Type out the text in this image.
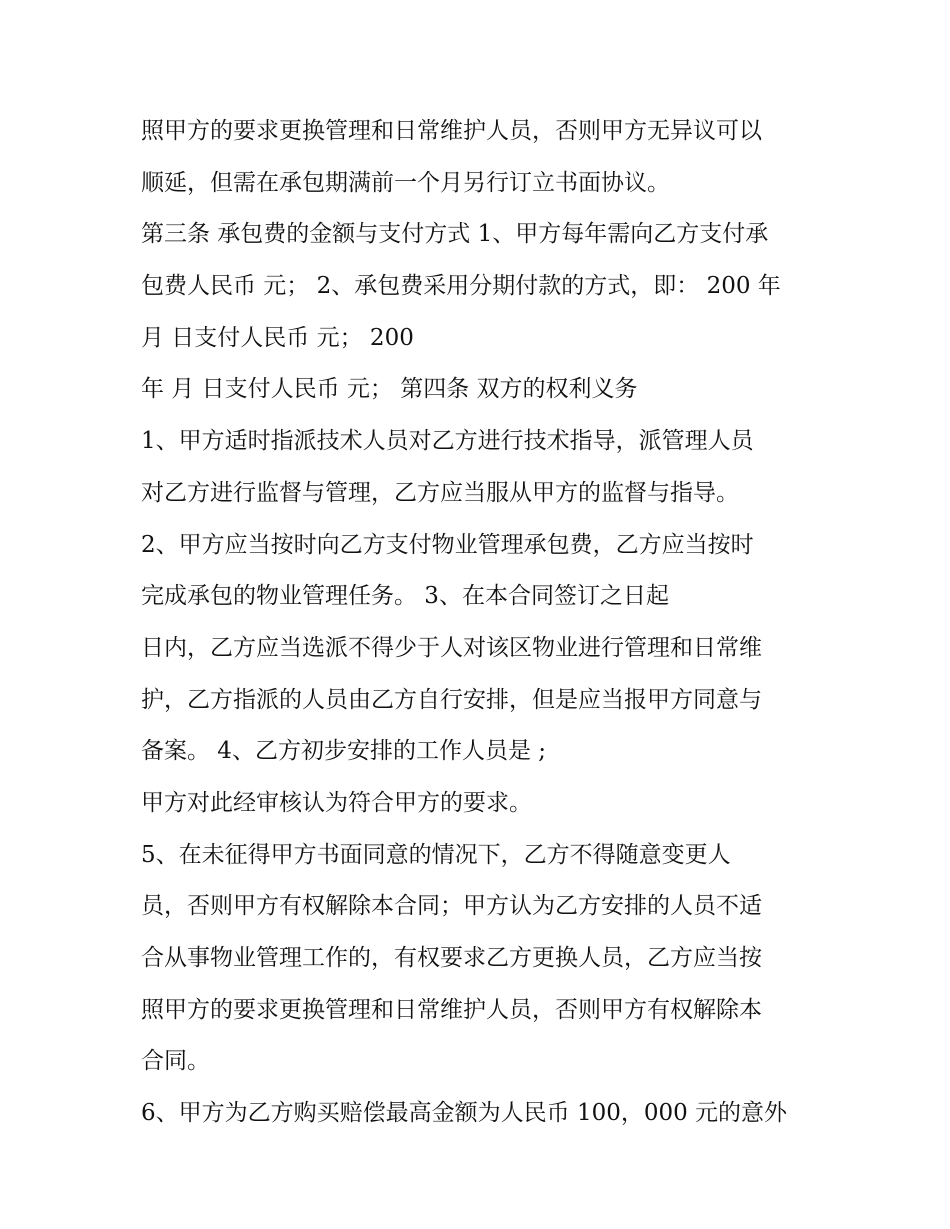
照甲方的要求更换管理和日常维护人员，否则甲方无异议可以

顺延，但需在承包期满前一个月另行订立书面协议。

第三条 承包费的金额与支付方式 1、甲方每年需向乙方支付承

包费人民币 元； 2、承包费采用分期付款的方式，即： 200 年

月 日支付人民币 元； 200

年 月 日支付人民币 元； 第四条 双方的权利义务

1、甲方适时指派技术人员对乙方进行技术指导，派管理人员

对乙方进行监督与管理，乙方应当服从甲方的监督与指导。

2、甲方应当按时向乙方支付物业管理承包费，乙方应当按时

完成承包的物业管理任务。 3、在本合同签订之日起

日内，乙方应当选派不得少于人对该区物业进行管理和日常维

护，乙方指派的人员由乙方自行安排，但是应当报甲方同意与

备案。 4、乙方初步安排的工作人员是 ;

甲方对此经审核认为符合甲方的要求。

5、在未征得甲方书面同意的情况下，乙方不得随意变更人

员，否则甲方有权解除本合同；甲方认为乙方安排的人员不适

合从事物业管理工作的，有权要求乙方更换人员，乙方应当按

照甲方的要求更换管理和日常维护人员，否则甲方有权解除本

合同。

6、甲方为乙方购买赔偿最高金额为人民币 100，000 元的意外
